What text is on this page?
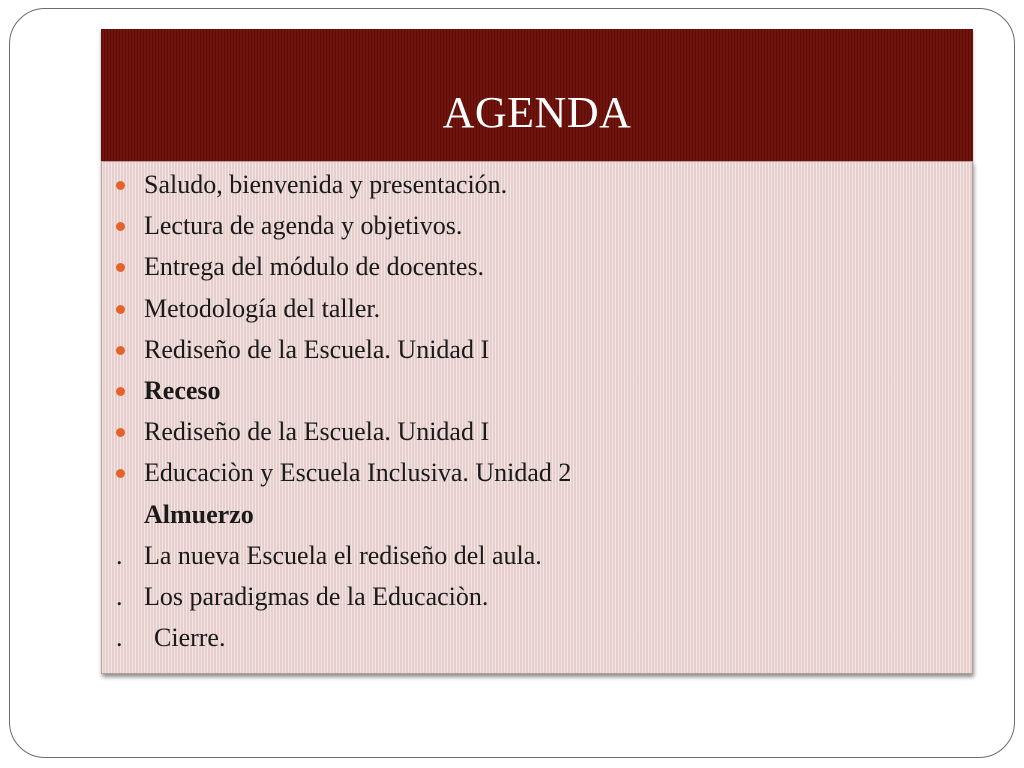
AGENDA
Saludo, bienvenida y presentación.
Lectura de agenda y objetivos.
Entrega del módulo de docentes.
Metodología del taller.
Rediseño de la Escuela. Unidad I
Receso
Rediseño de la Escuela. Unidad I
Educaciòn y Escuela Inclusiva. Unidad 2
Almuerzo
. La nueva Escuela el rediseño del aula.
. Los paradigmas de la Educaciòn.
. Cierre.
